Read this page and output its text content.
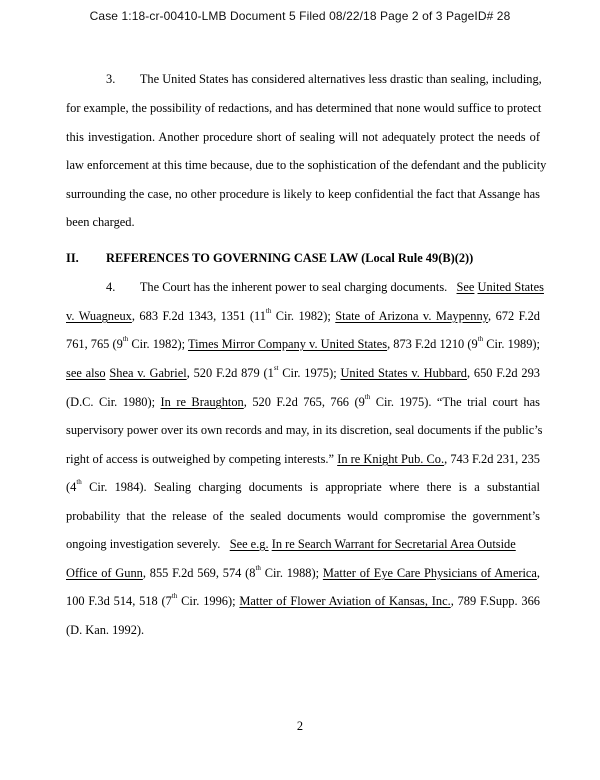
Case 1:18-cr-00410-LMB Document 5 Filed 08/22/18 Page 2 of 3 PageID# 28
3.        The United States has considered alternatives less drastic than sealing, including,
for example, the possibility of redactions, and has determined that none would suffice to protect
this investigation. Another procedure short of sealing will not adequately protect the needs of
law enforcement at this time because, due to the sophistication of the defendant and the publicity
surrounding the case, no other procedure is likely to keep confidential the fact that Assange has
been charged.
II. REFERENCES TO GOVERNING CASE LAW (Local Rule 49(B)(2))
4.        The Court has the inherent power to seal charging documents.   See United States
v. Wuagneux, 683 F.2d 1343, 1351 (11th Cir. 1982); State of Arizona v. Maypenny, 672 F.2d
761, 765 (9th Cir. 1982); Times Mirror Company v. United States, 873 F.2d 1210 (9th Cir. 1989);
see also Shea v. Gabriel, 520 F.2d 879 (1st Cir. 1975); United States v. Hubbard, 650 F.2d 293
(D.C. Cir. 1980); In re Braughton, 520 F.2d 765, 766 (9th Cir. 1975). “The trial court has
supervisory power over its own records and may, in its discretion, seal documents if the public’s
right of access is outweighed by competing interests.” In re Knight Pub. Co., 743 F.2d 231, 235
(4th Cir. 1984). Sealing charging documents is appropriate where there is a substantial
probability that the release of the sealed documents would compromise the government’s
ongoing investigation severely.   See e.g. In re Search Warrant for Secretarial Area Outside
Office of Gunn, 855 F.2d 569, 574 (8th Cir. 1988); Matter of Eye Care Physicians of America,
100 F.3d 514, 518 (7th Cir. 1996); Matter of Flower Aviation of Kansas, Inc., 789 F.Supp. 366
(D. Kan. 1992).
2
